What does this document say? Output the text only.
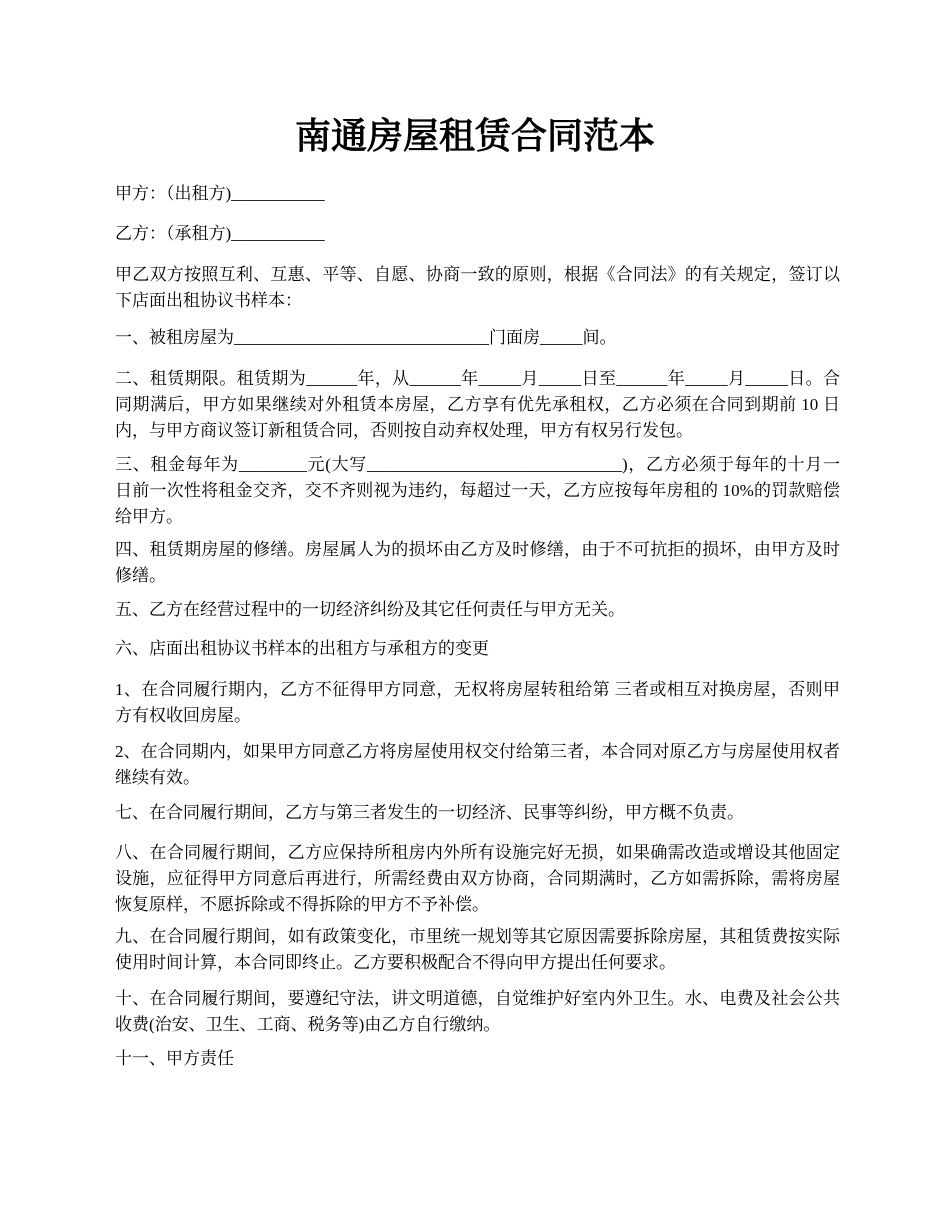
南通房屋租赁合同范本

甲方：（出租方)___________

乙方：（承租方)___________

甲乙双方按照互利、互惠、平等、自愿、协商一致的原则，根据《合同法》的有关规定，签订以下店面出租协议书样本：

一、被租房屋为______________________________门面房_____间。

二、租赁期限。租赁期为______年，从______年_____月_____日至______年_____月_____日。合同期满后，甲方如果继续对外租赁本房屋，乙方享有优先承租权，乙方必须在合同到期前 10 日内，与甲方商议签订新租赁合同，否则按自动弃权处理，甲方有权另行发包。

三、租金每年为________元(大写______________________________)，乙方必须于每年的十月一日前一次性将租金交齐，交不齐则视为违约，每超过一天，乙方应按每年房租的 10%的罚款赔偿给甲方。

四、租赁期房屋的修缮。房屋属人为的损坏由乙方及时修缮，由于不可抗拒的损坏，由甲方及时修缮。

五、乙方在经营过程中的一切经济纠纷及其它任何责任与甲方无关。

六、店面出租协议书样本的出租方与承租方的变更

1、在合同履行期内，乙方不征得甲方同意，无权将房屋转租给第 三者或相互对换房屋，否则甲方有权收回房屋。

2、在合同期内，如果甲方同意乙方将房屋使用权交付给第三者，本合同对原乙方与房屋使用权者继续有效。

七、在合同履行期间，乙方与第三者发生的一切经济、民事等纠纷，甲方概不负责。

八、在合同履行期间，乙方应保持所租房内外所有设施完好无损，如果确需改造或增设其他固定设施，应征得甲方同意后再进行，所需经费由双方协商，合同期满时，乙方如需拆除，需将房屋恢复原样，不愿拆除或不得拆除的甲方不予补偿。

九、在合同履行期间，如有政策变化，市里统一规划等其它原因需要拆除房屋，其租赁费按实际使用时间计算，本合同即终止。乙方要积极配合不得向甲方提出任何要求。

十、在合同履行期间，要遵纪守法，讲文明道德，自觉维护好室内外卫生。水、电费及社会公共收费(治安、卫生、工商、税务等)由乙方自行缴纳。

十一、甲方责任
